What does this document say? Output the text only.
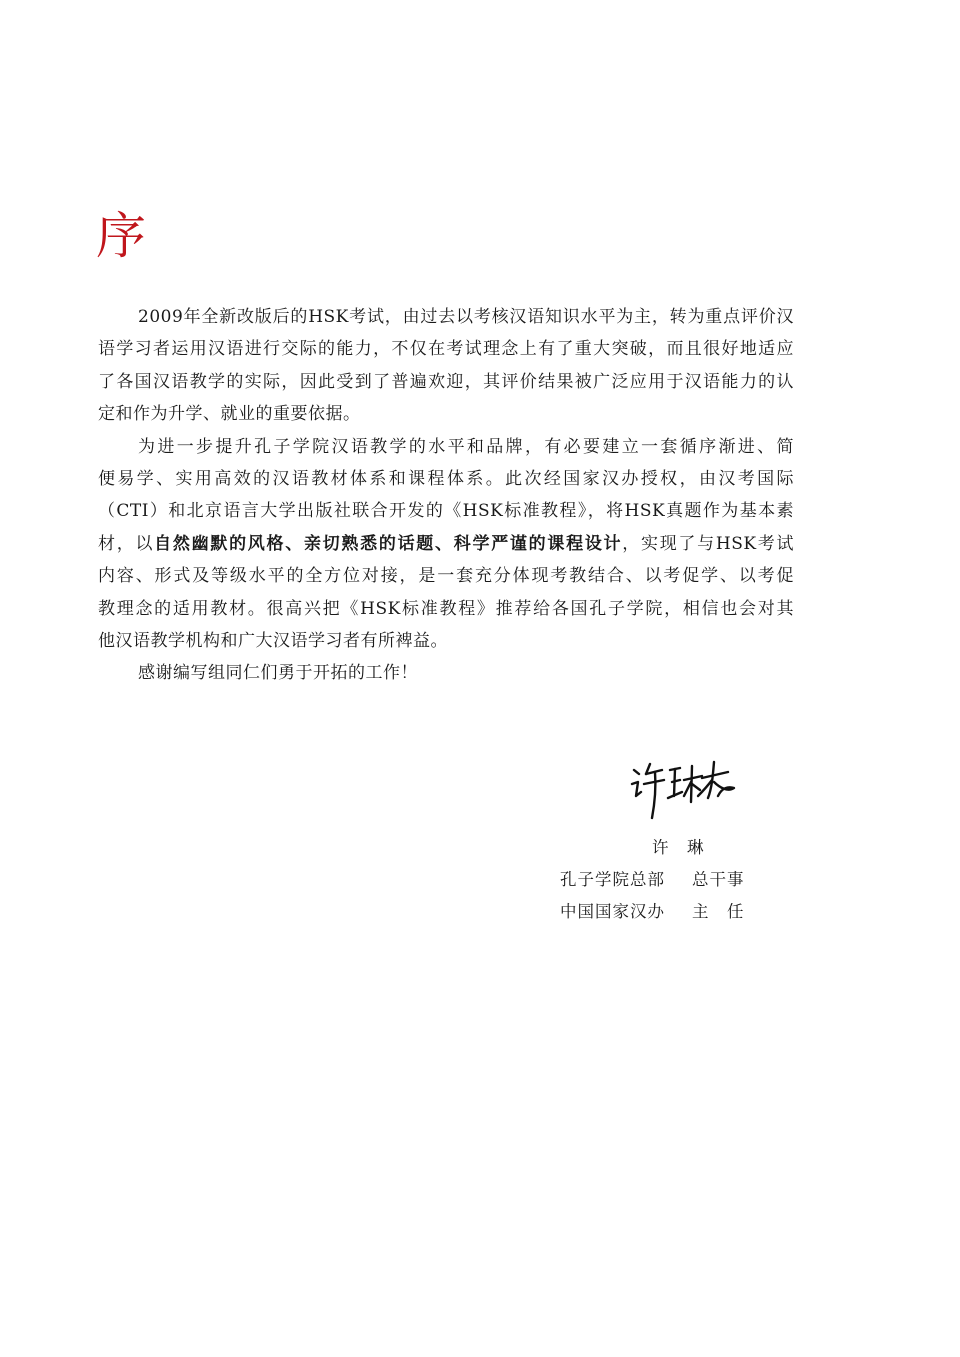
序
2009年全新改版后的HSK考试，由过去以考核汉语知识水平为主，转为重点评价汉
语学习者运用汉语进行交际的能力，不仅在考试理念上有了重大突破，而且很好地适应
了各国汉语教学的实际，因此受到了普遍欢迎，其评价结果被广泛应用于汉语能力的认
定和作为升学、就业的重要依据。
为进一步提升孔子学院汉语教学的水平和品牌，有必要建立一套循序渐进、简
便易学、实用高效的汉语教材体系和课程体系。此次经国家汉办授权，由汉考国际
（CTI）和北京语言大学出版社联合开发的《HSK标准教程》，将HSK真题作为基本素
材，以自然幽默的风格、亲切熟悉的话题、科学严谨的课程设计，实现了与HSK考试
内容、形式及等级水平的全方位对接，是一套充分体现考教结合、以考促学、以考促
教理念的适用教材。很高兴把《HSK标准教程》推荐给各国孔子学院，相信也会对其
他汉语教学机构和广大汉语学习者有所裨益。
感谢编写组同仁们勇于开拓的工作！
许　琳
孔子学院总部	总干事
中国国家汉办	主　任
